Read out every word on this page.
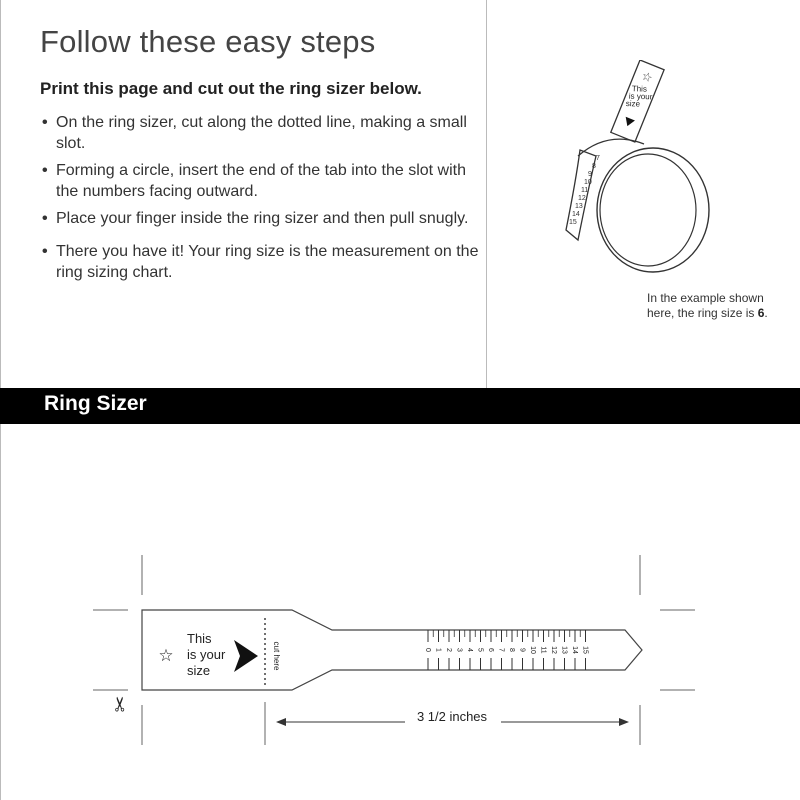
Follow these easy steps

Print this page and cut out the ring sizer below.

• On the ring sizer, cut along the dotted line, making a small slot.
• Forming a circle, insert the end of the tab into the slot with the numbers facing outward.
• Place your finger inside the ring sizer and then pull snugly.
• There you have it! Your ring size is the measurement on the ring sizing chart.
☆
This
is your
size
7
8
9
10
11
12
13
14
15
In the example shown here, the ring size is 6.
Ring Sizer
☆
This
is your
size
cut here	0 1 2 3 4 5 6 7 8 9 10 11 12 13 14 15
✂
3 1/2 inches
